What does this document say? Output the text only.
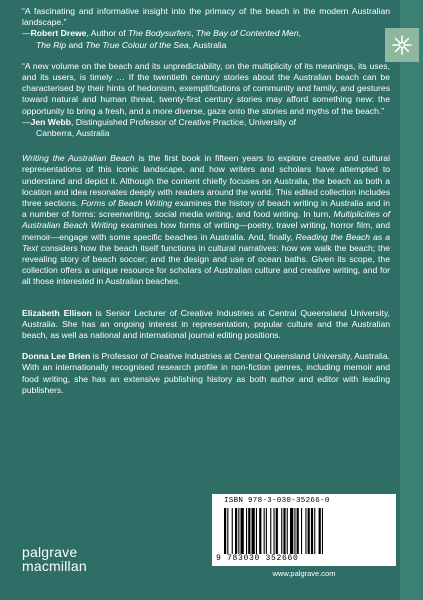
“A fascinating and informative insight into the primacy of the beach in the modern Australian landscape.”

—Robert Drewe, Author of The Bodysurfers, The Bay of Contented Men,

The Rip and The True Colour of the Sea, Australia

“A new volume on the beach and its unpredictability, on the multiplicity of its meanings, its uses, and its users, is timely … If the twentieth century stories about the Australian beach can be characterised by their hints of hedonism, exemplifications of community and family, and gestures toward natural and human threat, twenty-first century stories may afford something new: the opportunity to bring a fresh, and a more diverse, gaze onto the stories and myths of the beach.”

—Jen Webb, Distinguished Professor of Creative Practice, University of

Canberra, Australia

Writing the Australian Beach is the first book in fifteen years to explore creative and cultural representations of this iconic landscape, and how writers and scholars have attempted to understand and depict it. Although the content chiefly focuses on Australia, the beach as both a location and idea resonates deeply with readers around the world. This edited collection includes three sections. Forms of Beach Writing examines the history of beach writing in Australia and in a number of forms: screenwriting, social media writing, and food writing. In turn, Multiplicities of Australian Beach Writing examines how forms of writing—poetry, travel writing, horror film, and memoir—engage with some specific beaches in Australia. And, finally, Reading the Beach as a Text considers how the beach itself functions in cultural narratives: how we walk the beach; the revealing story of beach soccer; and the design and use of ocean baths. Given its scope, the collection offers a unique resource for scholars of Australian culture and creative writing, and for all those interested in Australian beaches.

Elizabeth Ellison is Senior Lecturer of Creative Industries at Central Queensland University, Australia. She has an ongoing interest in representation, popular culture and the Australian beach, as well as national and international journal editing positions.

Donna Lee Brien is Professor of Creative Industries at Central Queensland University, Australia. With an internationally recognised research profile in non-fiction genres, including memoir and food writing, she has an extensive publishing history as both author and editor with leading publishers.

palgrave
macmillan
ISBN 978-3-030-35266-0
9 783030 352660
www.palgrave.com
